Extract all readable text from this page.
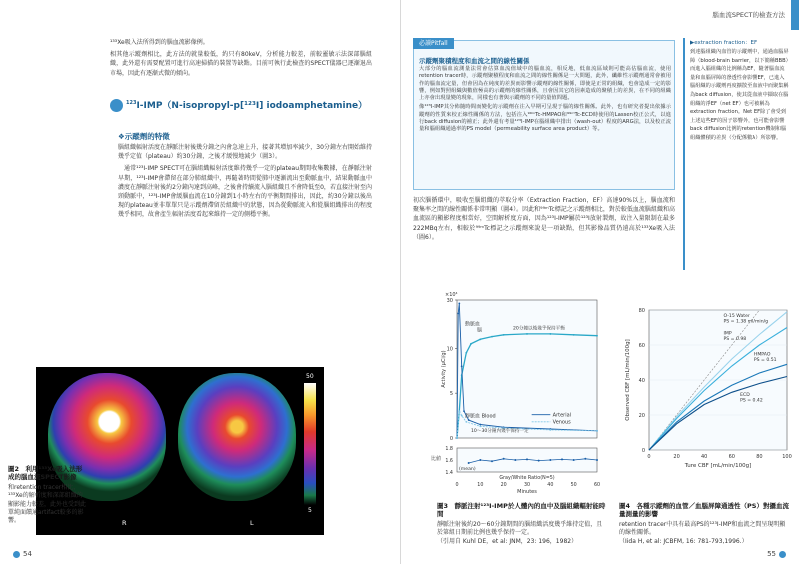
¹³³Xe吸入法所得到的腦血流影像例。

相其他示蹤劑相比，此方法的就量較低，約只有80keV，分析能力較差，前較靈敏示法深部腦組織，此外還有需要配置可進行高速掃描的裝置等缺點。目前可執行此檢查的SPECT儀器已逐漸退出市場，因此有逐漸式微的傾向。

$^{123}$I-IMP（N-isopropyl-p[¹²³I] iodoamphetamine）
❖示蹤劑的特徵

腦組織輻射活度在靜脈注射後幾分鐘之內會急速上升，接著其增加率減少，30分鐘左右開始維持幾乎定值（plateau）約30分鐘，之後才緩慢地減少（圖3）。

通常¹²³I-IMP SPECT可在腦組織輻射活度維持幾乎一定的plateau期間收集數據，在靜脈注射早期，¹²³I-IMP會滯留在部分肺組織中，再隨著時間從肺中逐漸流出至動脈血中，結果動脈血中濃度在靜脈注射後約2分鐘內達到高峰，之後會持續流入腦組織且不會降低至0，若直接注射至內頸動脈中，¹²³I-IMP會緩腦血流在10分鐘到1小時左右的平衡期間排出，因此，約30分鐘以後出現的plateau並非單單只是示蹤劑滯留於組織中的狀態，因為從動脈流入和從腦組織排出的程度幾乎相同，故會產生輻射活度看起來維持一定的側穩平衡。

50
5
R	L
圖2　利用¹³³Xe吸入法形成的腦血流SPECT影像
和retention tracer相比，¹³³Xe的解析度和深部組織的顯影能力較差，此外也受到此單純面饋通artifact較多的影響。
54
腦血流SPECT的檢查方法
必讀Pitfall
示蹤劑聚積程度和血流之間的線性關係

大部分的腦血流測量法常會估算血流值域中的腦血流，相反地，低血流區域則可能高估腦血流，使用retention tracer時，示蹤劑聚積程度和血流之間的線性關係是一大問題，此外，纖維性示蹤劑通常會被用作的腦血流定量，但會因為在純度的差異而影響示蹤劑的線性關係，即使是正常的組織，也會造成一定的影響，例如對照組織與數值極高的示蹤劑的線性關係，且會因其它的因素造成的聚積上的差異，在不同的組織上亦會出現量變的現象，同樣也有著與示蹤劑的不同的量值問題。

像¹²³I-IMP其分佈隨時間而變化的示蹤劑在注入早期可呈現于腦的線性關係。此外，也有研究者提出依據示蹤劑的性質來校正線性關係的方法，包括注入⁹⁹ᵐTc-HMPAO和⁹⁹ᵐTc-ECD時使用的Lassen校正公式，以進行back diffusion的補正；此外還有考量¹²³I-IMP在腦組織中排出（wash-out）程度的ARG法，以及校正流量和腦組織通過率的PS model（permeability surface area product）等。

▶extraction fraction：EF
到達腦組織內血管的示蹤劑中，通過血腦屏障（blood-brain barrier，以下簡稱BBB）而進入腦組織的比例稱為EF，隨著腦血流量和血腦屏障的滲透性會影響EF，已進入腦組織的示蹤劑再度擴散至血液中而聚集稱為back diffusion，使其從血液中擷取在腦組織的淨EF（net EF）也可被稱為extraction fraction。Net EF除了會受到上述這些EF的因子影響外，也可能會影響back diffusion比例的retention機制和腦組織體積的差異（分配係數λ）所影響。

初次腦循環中，吸收至腦組織的萃取分率（Extraction Fraction，EF）高達90%以上，腦血流和聚集率之間的線性關係非常明顯（圖4）。因此和⁹⁹ᵐTc標記之示蹤劑相比，對於較低血流腦組織和高血流區的顯影程度相當好，空間解析度方面，因為¹²³I-IMP屬於¹²³I放射製劑，故注入量限制在最多222MBq左右，相較於⁹⁹ᵐTc標記之示蹤劑來說是一項缺點，但其影像品質仍遠高於¹³³Xe吸入法（圖6）。

×10⁴
0
5
10
30
Activity (μCi/g)
動脈血
腦	20分鐘以後幾乎保持平衡
10～30分鐘內幾乎保持一定
靜脈血 Blood	Arterial
Venous
1.4
1.6
1.8
比値
(mean)
Gray/White Ratio(N=5)
0	10	20	30	40	50	60
Minutes
0
20
40
60
80
0	20	40	60	80	100
Ture CBF [mL/min/100g]
Observed CBF [mL/min/100g]
O-15 Water
PS = 1.38 ml/min/g
IMP
PS = 0.98
HMPAO
PS = 0.51
ECD
PS = 0.42
圖3　靜脈注射¹²³I-IMP於人體內的血中及腦組織輻射能時間
靜脈注射後約20～60分鐘期間的腦組織活度幾乎維持定值，且於第組日期前比例也幾乎保持一定。
（引用自 Kuhl DE，et al: JNM，23: 196，1982）
圖4　各種示蹤劑的血管／血腦屏障通透性（PS）對攝血流量測量的影響
retention tracer中具有最高PS的¹²³I-IMP和血流之間呈現明顯的線性關係。
（Iida H, et al: JCBFM, 16: 781-793,1996.）
55
